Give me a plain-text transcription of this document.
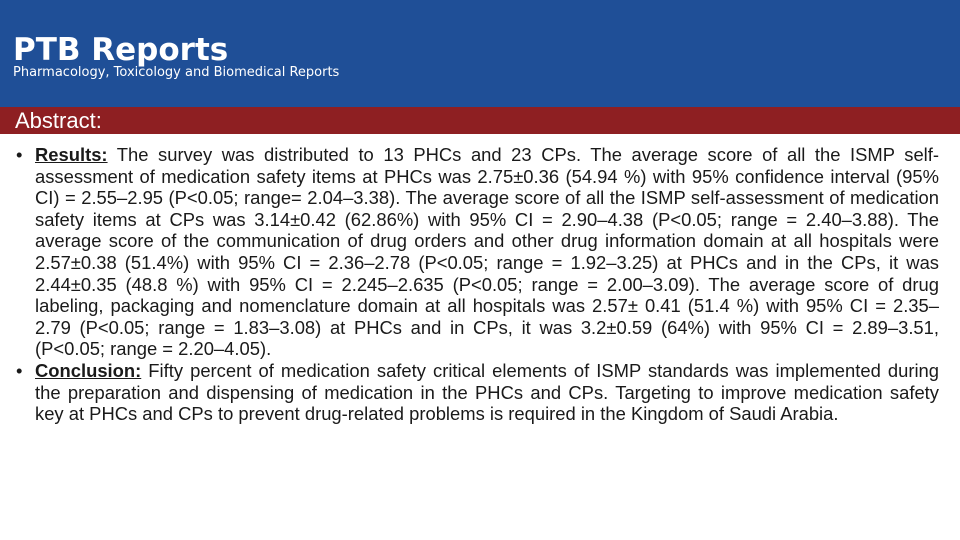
PTB Reports
Pharmacology, Toxicology and Biomedical Reports
Abstract:

• Results: The survey was distributed to 13 PHCs and 23 CPs. The average score of all the ISMP self-assessment of medication safety items at PHCs was 2.75±0.36 (54.94 %) with 95% confidence interval (95% CI) = 2.55–2.95 (P<0.05; range= 2.04–3.38). The average score of all the ISMP self-assessment of medication safety items at CPs was 3.14±0.42 (62.86%) with 95% CI = 2.90–4.38 (P<0.05; range = 2.40–3.88). The average score of the communication of drug orders and other drug information domain at all hospitals were 2.57±0.38 (51.4%) with 95% CI = 2.36–2.78 (P<0.05; range = 1.92–3.25) at PHCs and in the CPs, it was 2.44±0.35 (48.8 %) with 95% CI = 2.245–2.635 (P<0.05; range = 2.00–3.09). The average score of drug labeling, packaging and nomenclature domain at all hospitals was 2.57± 0.41 (51.4 %) with 95% CI = 2.35–2.79 (P<0.05; range = 1.83–3.08) at PHCs and in CPs, it was 3.2±0.59 (64%) with 95% CI = 2.89–3.51, (P<0.05; range = 2.20–4.05).

• Conclusion: Fifty percent of medication safety critical elements of ISMP standards was implemented during the preparation and dispensing of medication in the PHCs and CPs. Targeting to improve medication safety key at PHCs and CPs to prevent drug-related problems is required in the Kingdom of Saudi Arabia.
